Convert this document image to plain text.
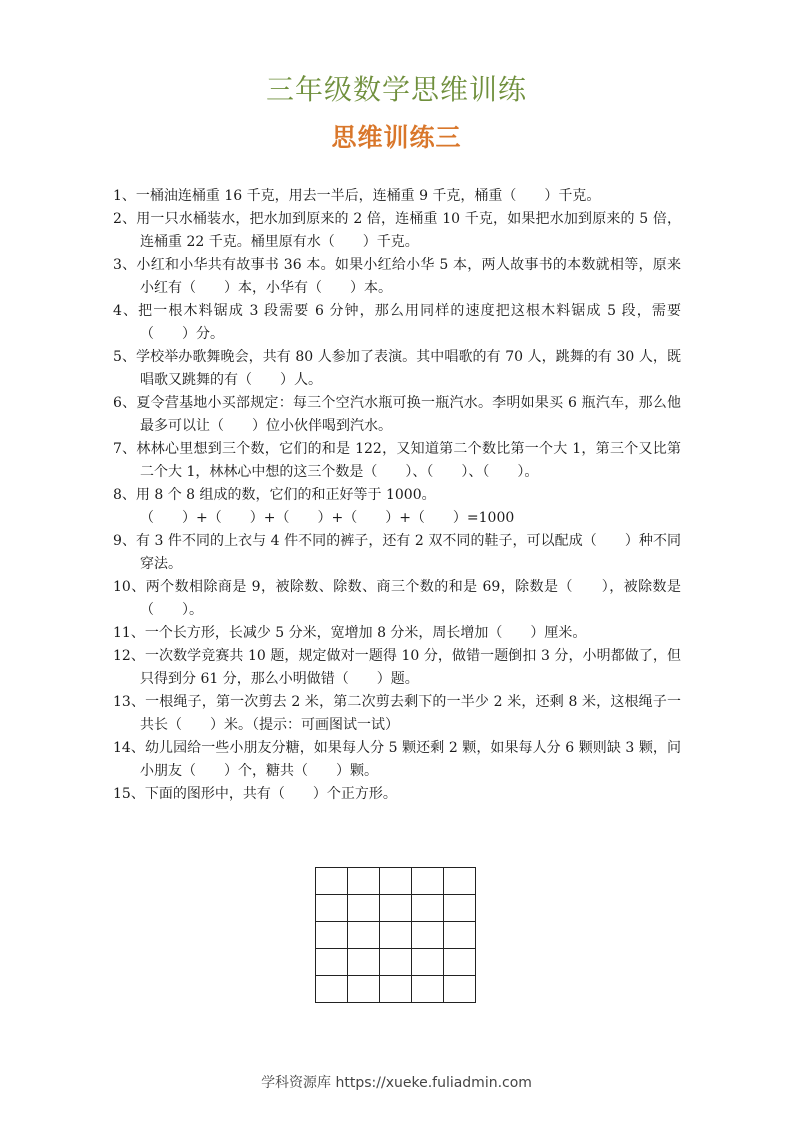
三年级数学思维训练
思维训练三

1、一桶油连桶重 16 千克，用去一半后，连桶重 9 千克，桶重（　　）千克。

2、用一只水桶装水，把水加到原来的 2 倍，连桶重 10 千克，如果把水加到原来的 5 倍，连桶重 22 千克。桶里原有水（　　）千克。

3、小红和小华共有故事书 36 本。如果小红给小华 5 本，两人故事书的本数就相等，原来小红有（　　）本，小华有（　　）本。

4、把一根木料锯成 3 段需要 6 分钟，那么用同样的速度把这根木料锯成 5 段，需要（　　）分。

5、学校举办歌舞晚会，共有 80 人参加了表演。其中唱歌的有 70 人，跳舞的有 30 人，既唱歌又跳舞的有（　　）人。

6、夏令营基地小买部规定：每三个空汽水瓶可换一瓶汽水。李明如果买 6 瓶汽车，那么他最多可以让（　　）位小伙伴喝到汽水。

7、林林心里想到三个数，它们的和是 122，又知道第二个数比第一个大 1，第三个又比第二个大 1，林林心中想的这三个数是（　　）、（　　）、（　　）。

8、用 8 个 8 组成的数，它们的和正好等于 1000。

（　　）+（　　）+（　　）+（　　）+（　　）=1000

9、有 3 件不同的上衣与 4 件不同的裤子，还有 2 双不同的鞋子，可以配成（　　）种不同穿法。

10、两个数相除商是 9，被除数、除数、商三个数的和是 69，除数是（　　），被除数是（　　）。

11、一个长方形，长减少 5 分米，宽增加 8 分米，周长增加（　　）厘米。

12、一次数学竞赛共 10 题，规定做对一题得 10 分，做错一题倒扣 3 分，小明都做了，但只得到分 61 分，那么小明做错（　　）题。

13、一根绳子，第一次剪去 2 米，第二次剪去剩下的一半少 2 米，还剩 8 米，这根绳子一共长（　　）米。（提示：可画图试一试）

14、幼儿园给一些小朋友分糖，如果每人分 5 颗还剩 2 颗，如果每人分 6 颗则缺 3 颗，问小朋友（　　）个，糖共（　　）颗。

15、下面的图形中，共有（　　）个正方形。

学科资源库 https://xueke.fuliadmin.com
